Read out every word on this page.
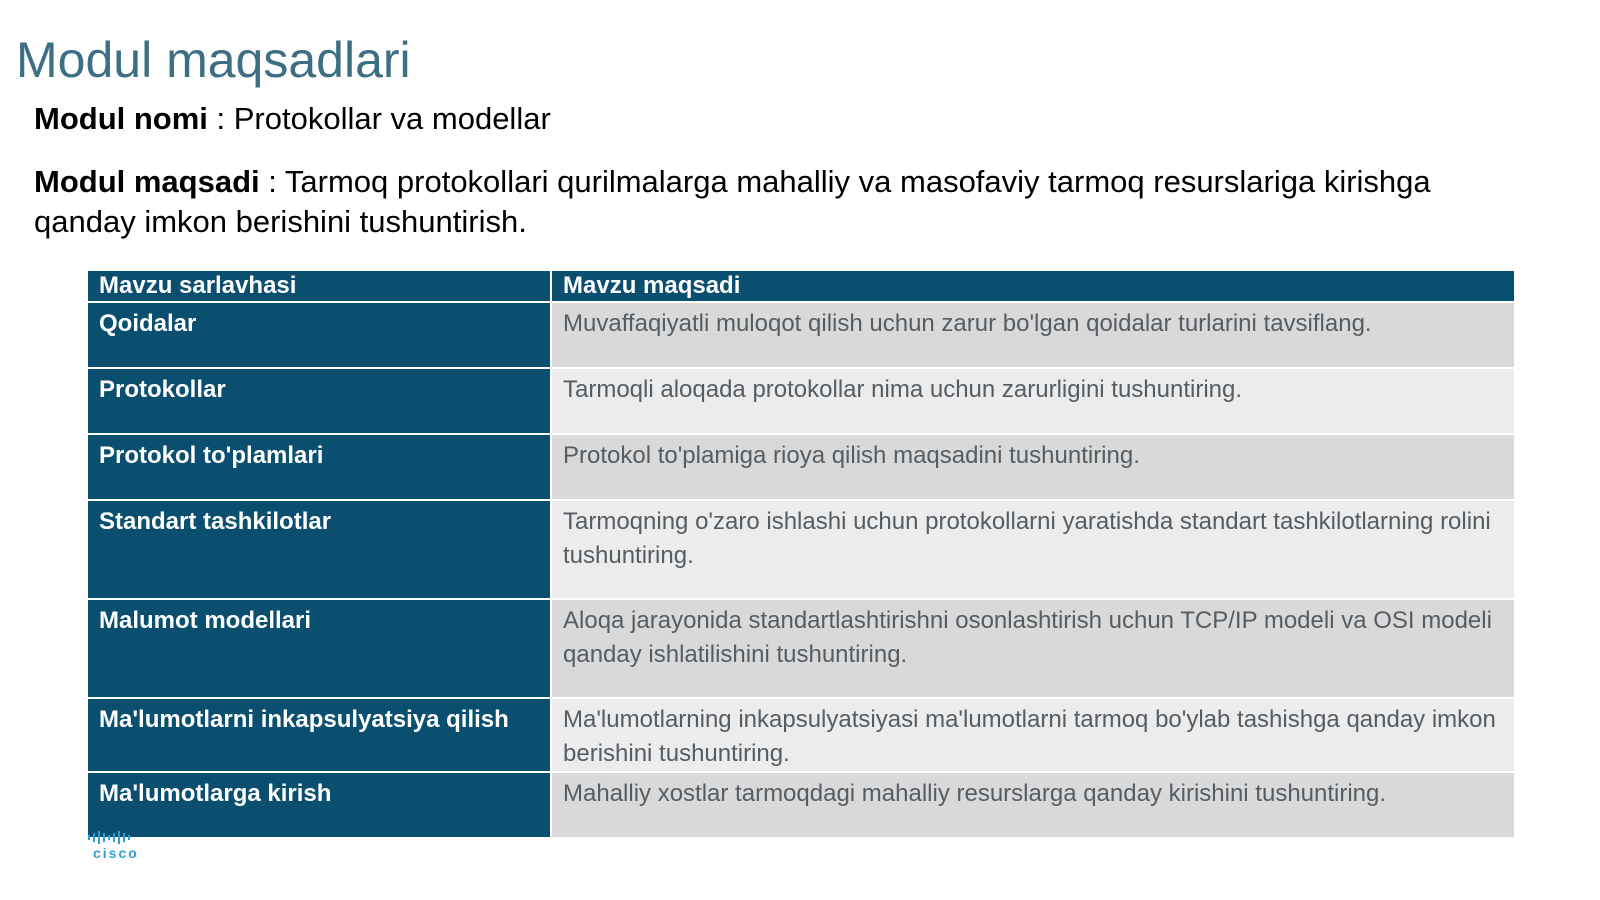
Modul maqsadlari
Modul nomi : Protokollar va modellar
Modul maqsadi : Tarmoq protokollari qurilmalarga mahalliy va masofaviy tarmoq resurslariga kirishga qanday imkon berishini tushuntirish.
Mavzu sarlavhasi	Mavzu maqsadi
Qoidalar	Muvaffaqiyatli muloqot qilish uchun zarur bo'lgan qoidalar turlarini tavsiflang.
Protokollar	Tarmoqli aloqada protokollar nima uchun zarurligini tushuntiring.
Protokol to'plamlari	Protokol to'plamiga rioya qilish maqsadini tushuntiring.
Standart tashkilotlar	Tarmoqning o'zaro ishlashi uchun protokollarni yaratishda standart tashkilotlarning rolini tushuntiring.
Malumot modellari	Aloqa jarayonida standartlashtirishni osonlashtirish uchun TCP/IP modeli va OSI modeli qanday ishlatilishini tushuntiring.
Ma'lumotlarni inkapsulyatsiya qilish	Ma'lumotlarning inkapsulyatsiyasi ma'lumotlarni tarmoq bo'ylab tashishga qanday imkon berishini tushuntiring.
Ma'lumotlarga kirish	Mahalliy xostlar tarmoqdagi mahalliy resurslarga qanday kirishini tushuntiring.
cisco
